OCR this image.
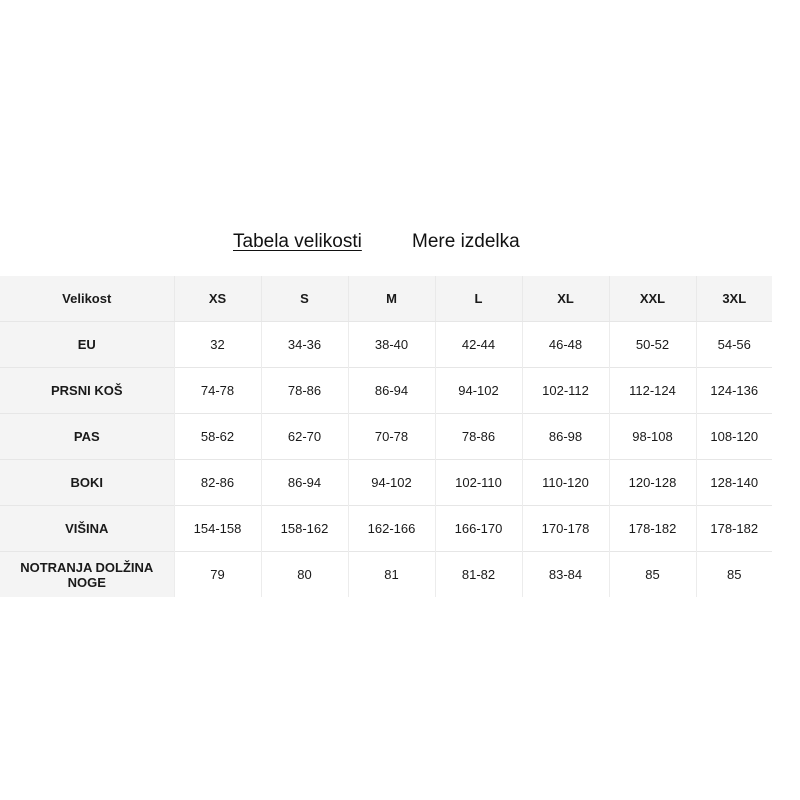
Tabela velikosti	Mere izdelka
Velikost	XS	S	M	L	XL	XXL	3XL
EU	32	34-36	38-40	42-44	46-48	50-52	54-56
PRSNI KOŠ	74-78	78-86	86-94	94-102	102-112	112-124	124-136
PAS	58-62	62-70	70-78	78-86	86-98	98-108	108-120
BOKI	82-86	86-94	94-102	102-110	110-120	120-128	128-140
VIŠINA	154-158	158-162	162-166	166-170	170-178	178-182	178-182
NOTRANJA DOLŽINA NOGE	79	80	81	81-82	83-84	85	85
